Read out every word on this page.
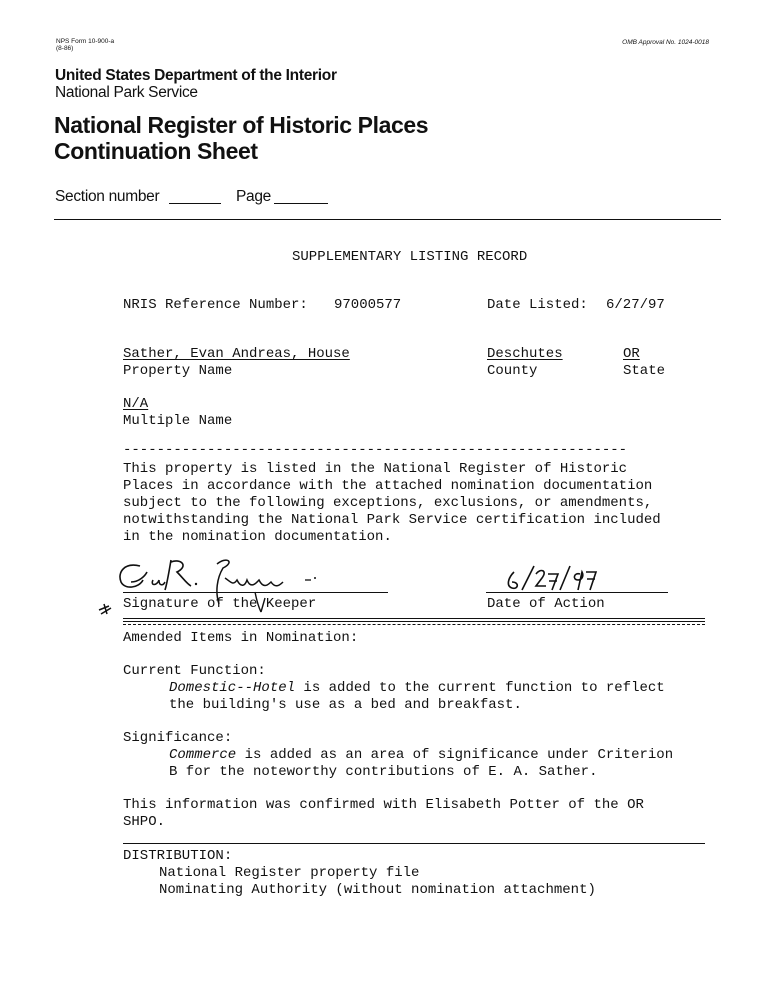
NPS Form 10-900-a
(8-86)
OMB Approval No. 1024-0018
United States Department of the Interior
National Park Service
National Register of Historic Places
Continuation Sheet
Section number	Page
SUPPLEMENTARY LISTING RECORD
NRIS Reference Number: 97000577	Date Listed: 6/27/97
Sather, Evan Andreas, House
Property Name
Deschutes
County
OR
State
N/A
Multiple Name
------------------------------------------------------------
This property is listed in the National Register of Historic
Places in accordance with the attached nomination documentation
subject to the following exceptions, exclusions, or amendments,
notwithstanding the National Park Service certification included
in the nomination documentation.
Signature of the Keeper	Date of Action
Amended Items in Nomination:
Current Function:
Domestic--Hotel is added to the current function to reflect
the building's use as a bed and breakfast.
Significance:
Commerce is added as an area of significance under Criterion
B for the noteworthy contributions of E. A. Sather.
This information was confirmed with Elisabeth Potter of the OR
SHPO.
DISTRIBUTION:
National Register property file
Nominating Authority (without nomination attachment)
